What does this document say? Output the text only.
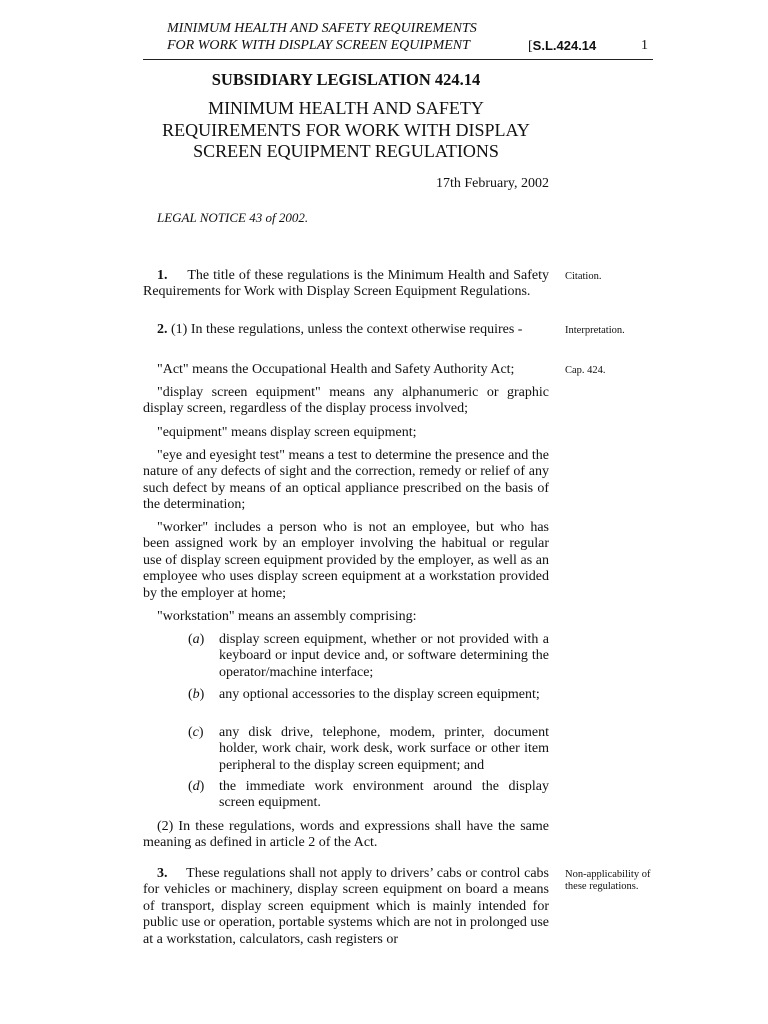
MINIMUM HEALTH AND SAFETY REQUIREMENTS
FOR WORK WITH DISPLAY SCREEN EQUIPMENT	[S.L.424.14	1
SUBSIDIARY LEGISLATION 424.14
MINIMUM HEALTH AND SAFETY
REQUIREMENTS FOR WORK WITH DISPLAY
SCREEN EQUIPMENT REGULATIONS
17th February, 2002
LEGAL NOTICE 43 of 2002.

1. The title of these regulations is the Minimum Health and Safety Requirements for Work with Display Screen Equipment Regulations.

Citation.

2. (1) In these regulations, unless the context otherwise requires -	Interpretation.

"Act" means the Occupational Health and Safety Authority Act;	Cap. 424.

"display screen equipment" means any alphanumeric or graphic display screen, regardless of the display process involved;

"equipment" means display screen equipment;

"eye and eyesight test" means a test to determine the presence and the nature of any defects of sight and the correction, remedy or relief of any such defect by means of an optical appliance prescribed on the basis of the determination;

"worker" includes a person who is not an employee, but who has been assigned work by an employer involving the habitual or regular use of display screen equipment provided by the employer, as well as an employee who uses display screen equipment at a workstation provided by the employer at home;

"workstation" means an assembly comprising:

(a) display screen equipment, whether or not provided with a keyboard or input device and, or software determining the operator/machine interface;
(b) any optional accessories to the display screen equipment;
(c) any disk drive, telephone, modem, printer, document holder, work chair, work desk, work surface or other item peripheral to the display screen equipment; and
(d) the immediate work environment around the display screen equipment.

(2) In these regulations, words and expressions shall have the same meaning as defined in article 2 of the Act.

3. These regulations shall not apply to drivers’ cabs or control cabs for vehicles or machinery, display screen equipment on board a means of transport, display screen equipment which is mainly intended for public use or operation, portable systems which are not in prolonged use at a workstation, calculators, cash registers or

Non-applicability of these regulations.
